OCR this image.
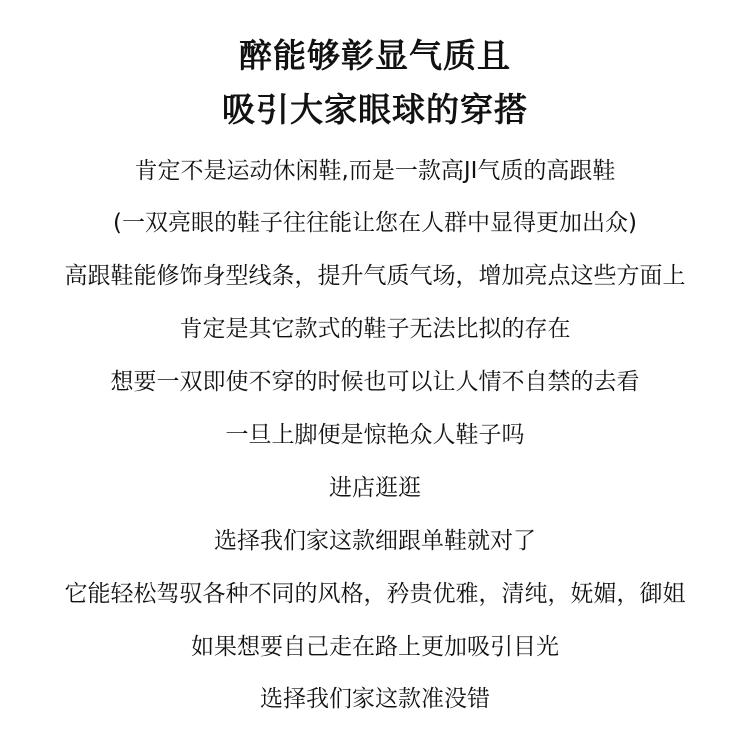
醉能够彰显气质且
吸引大家眼球的穿搭
肯定不是运动休闲鞋,而是一款高JI气质的高跟鞋
(一双亮眼的鞋子往往能让您在人群中显得更加出众)
高跟鞋能修饰身型线条，提升气质气场，增加亮点这些方面上
肯定是其它款式的鞋子无法比拟的存在
想要一双即使不穿的时候也可以让人情不自禁的去看
一旦上脚便是惊艳众人鞋子吗
进店逛逛
选择我们家这款细跟单鞋就对了
它能轻松驾驭各种不同的风格，矜贵优雅，清纯，妩媚，御姐
如果想要自己走在路上更加吸引目光
选择我们家这款准没错
